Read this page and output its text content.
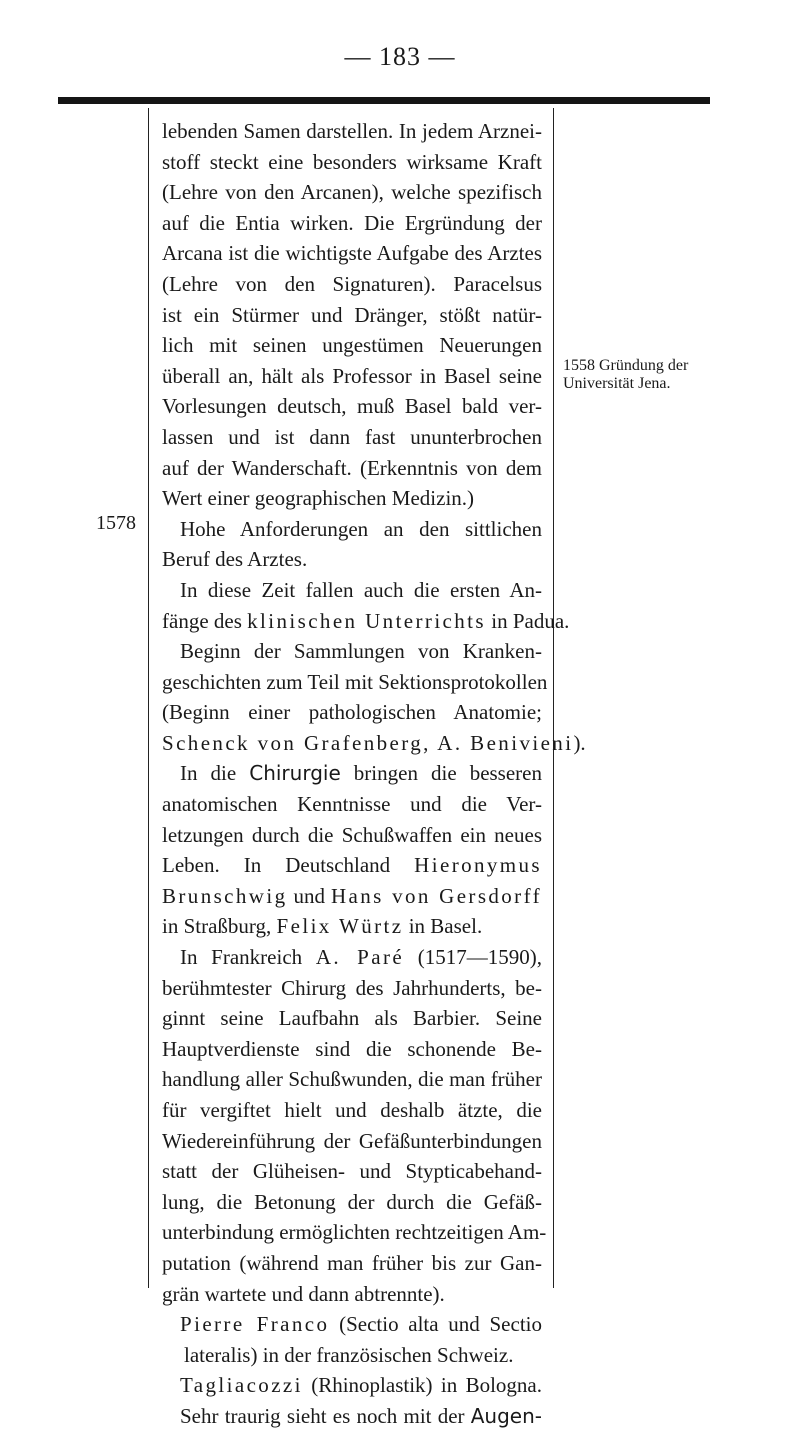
— 183 —
1578
1558 Gründung der
Universität Jena.
lebenden Samen darstellen. In jedem Arznei-
stoff steckt eine besonders wirksame Kraft
(Lehre von den Arcanen), welche spezifisch
auf die Entia wirken. Die Ergründung der
Arcana ist die wichtigste Aufgabe des Arztes
(Lehre von den Signaturen). Paracelsus
ist ein Stürmer und Dränger, stößt natür-
lich mit seinen ungestümen Neuerungen
überall an, hält als Professor in Basel seine
Vorlesungen deutsch, muß Basel bald ver-
lassen und ist dann fast ununterbrochen
auf der Wanderschaft. (Erkenntnis von dem
Wert einer geographischen Medizin.)
Hohe Anforderungen an den sittlichen
Beruf des Arztes.
In diese Zeit fallen auch die ersten An-
fänge des klinischen Unterrichts in Padua.
Beginn der Sammlungen von Kranken-
geschichten zum Teil mit Sektionsprotokollen
(Beginn einer pathologischen Anatomie;
Schenck von Grafenberg, A. Benivieni).
In die Chirurgie bringen die besseren
anatomischen Kenntnisse und die Ver-
letzungen durch die Schußwaffen ein neues
Leben. In Deutschland Hieronymus
Brunschwig und Hans von Gersdorff
in Straßburg, Felix Würtz in Basel.
In Frankreich A. Paré (1517—1590),
berühmtester Chirurg des Jahrhunderts, be-
ginnt seine Laufbahn als Barbier. Seine
Hauptverdienste sind die schonende Be-
handlung aller Schußwunden, die man früher
für vergiftet hielt und deshalb ätzte, die
Wiedereinführung der Gefäßunterbindungen
statt der Glüheisen- und Stypticabehand-
lung, die Betonung der durch die Gefäß-
unterbindung ermöglichten rechtzeitigen Am-
putation (während man früher bis zur Gan-
grän wartete und dann abtrennte).
Pierre Franco (Sectio alta und Sectio
lateralis) in der französischen Schweiz.
Tagliacozzi (Rhinoplastik) in Bologna.
Sehr traurig sieht es noch mit der Augen-
